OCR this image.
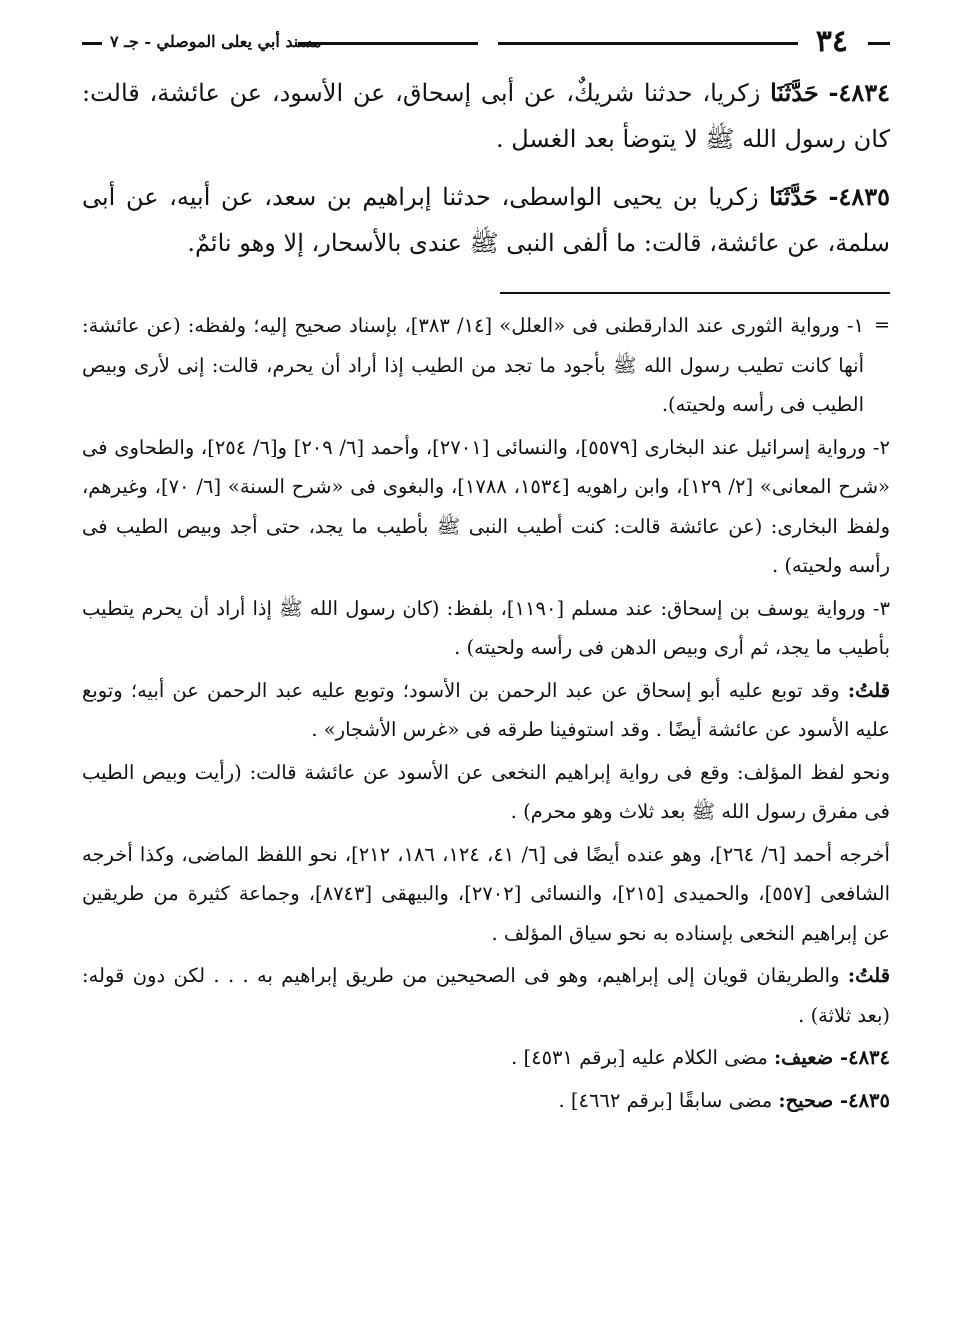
٣٤
مسند أبي يعلى الموصلي - جـ ٧

٤٨٣٤- حَدَّثَنَا زكريا، حدثنا شريكٌ، عن أبى إسحاق، عن الأسود، عن عائشة، قالت: كان رسول الله ﷺ لا يتوضأ بعد الغسل .

٤٨٣٥- حَدَّثَنَا زكريا بن يحيى الواسطى، حدثنا إبراهيم بن سعد، عن أبيه، عن أبى سلمة، عن عائشة، قالت: ما ألفى النبى ﷺ عندى بالأسحار، إلا وهو نائمٌ.

=
١- ورواية الثورى عند الدارقطنى فى «العلل» [١٤/ ٣٨٣]، بإسناد صحيح إليه؛ ولفظه: (عن عائشة: أنها كانت تطيب رسول الله ﷺ بأجود ما تجد من الطيب إذا أراد أن يحرم، قالت: إنى لأرى وبيص الطيب فى رأسه ولحيته).

٢- ورواية إسرائيل عند البخارى [٥٥٧٩]، والنسائى [٢٧٠١]، وأحمد [٦/ ٢٠٩] و[٦/ ٢٥٤]، والطحاوى فى «شرح المعانى» [٢/ ١٢٩]، وابن راهويه [١٥٣٤، ١٧٨٨]، والبغوى فى «شرح السنة» [٦/ ٧٠]، وغيرهم، ولفظ البخارى: (عن عائشة قالت: كنت أطيب النبى ﷺ بأطيب ما يجد، حتى أجد وبيص الطيب فى رأسه ولحيته) .

٣- ورواية يوسف بن إسحاق: عند مسلم [١١٩٠]، بلفظ: (كان رسول الله ﷺ إذا أراد أن يحرم يتطيب بأطيب ما يجد، ثم أرى وبيص الدهن فى رأسه ولحيته) .

قلتُ: وقد توبع عليه أبو إسحاق عن عبد الرحمن بن الأسود؛ وتوبع عليه عبد الرحمن عن أبيه؛ وتوبع عليه الأسود عن عائشة أيضًا . وقد استوفينا طرقه فى «غرس الأشجار» .

ونحو لفظ المؤلف: وقع فى رواية إبراهيم النخعى عن الأسود عن عائشة قالت: (رأيت وبيص الطيب فى مفرق رسول الله ﷺ بعد ثلاث وهو محرم) .

أخرجه أحمد [٦/ ٢٦٤]، وهو عنده أيضًا فى [٦/ ٤١، ١٢٤، ١٨٦، ٢١٢]، نحو اللفظ الماضى، وكذا أخرجه الشافعى [٥٥٧]، والحميدى [٢١٥]، والنسائى [٢٧٠٢]، والبيهقى [٨٧٤٣]، وجماعة كثيرة من طريقين عن إبراهيم النخعى بإسناده به نحو سياق المؤلف .

قلتُ: والطريقان قويان إلى إبراهيم، وهو فى الصحيحين من طريق إبراهيم به . . . لكن دون قوله: (بعد ثلاثة) .

٤٨٣٤- ضعيف: مضى الكلام عليه [برقم ٤٥٣١] .

٤٨٣٥- صحيح: مضى سابقًا [برقم ٤٦٦٢] .
